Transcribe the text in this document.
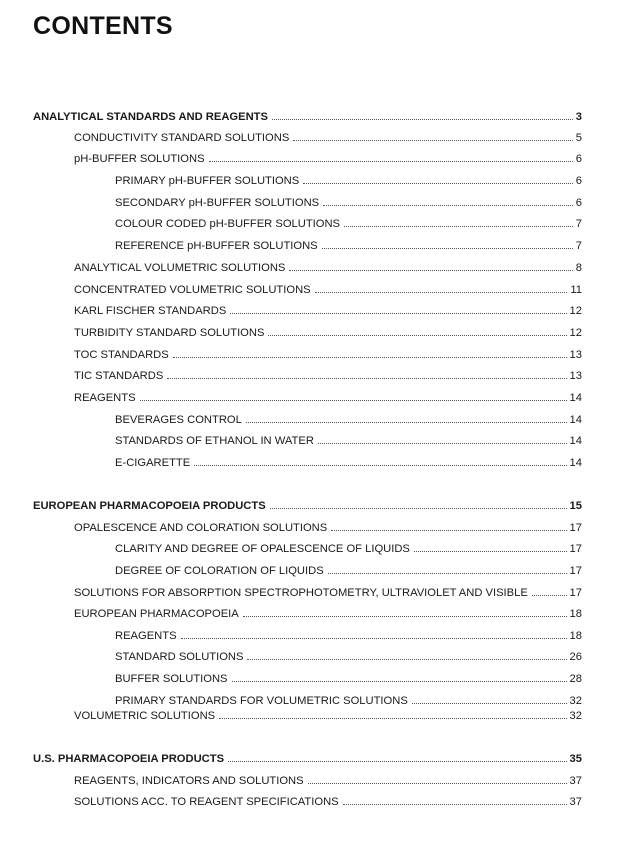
CONTENTS
ANALYTICAL STANDARDS AND REAGENTS	3
CONDUCTIVITY STANDARD SOLUTIONS	5
pH-BUFFER SOLUTIONS	6
PRIMARY pH-BUFFER SOLUTIONS	6
SECONDARY pH-BUFFER SOLUTIONS	6
COLOUR CODED pH-BUFFER SOLUTIONS	7
REFERENCE pH-BUFFER SOLUTIONS	7
ANALYTICAL VOLUMETRIC SOLUTIONS	8
CONCENTRATED VOLUMETRIC SOLUTIONS	11
KARL FISCHER STANDARDS	12
TURBIDITY STANDARD SOLUTIONS	12
TOC STANDARDS	13
TIC STANDARDS	13
REAGENTS	14
BEVERAGES CONTROL	14
STANDARDS OF ETHANOL IN WATER	14
E-CIGARETTE	14
EUROPEAN PHARMACOPOEIA PRODUCTS	15
OPALESCENCE AND COLORATION SOLUTIONS	17
CLARITY AND DEGREE OF OPALESCENCE OF LIQUIDS	17
DEGREE OF COLORATION OF LIQUIDS	17
SOLUTIONS FOR ABSORPTION SPECTROPHOTOMETRY, ULTRAVIOLET AND VISIBLE	17
EUROPEAN PHARMACOPOEIA	18
REAGENTS	18
STANDARD SOLUTIONS	26
BUFFER SOLUTIONS	28
PRIMARY STANDARDS FOR VOLUMETRIC SOLUTIONS	32
VOLUMETRIC SOLUTIONS	32
U.S. PHARMACOPOEIA PRODUCTS	35
REAGENTS, INDICATORS AND SOLUTIONS	37
SOLUTIONS ACC. TO REAGENT SPECIFICATIONS	37
